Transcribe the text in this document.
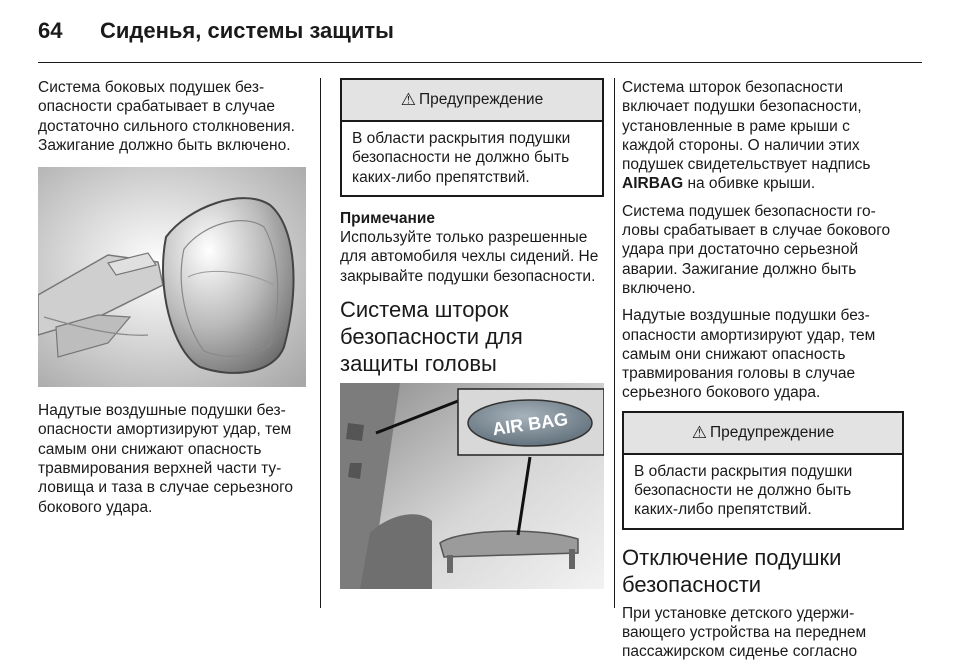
64	Сиденья, системы защиты

Система боковых подушек безопасности срабатывает в случае достаточно сильного столкновения. Зажигание должно быть включено.

Надутые воздушные подушки безопасности амортизируют удар, тем самым они снижают опасность травмирования верхней части туловища и таза в случае серьезного бокового удара.

⚠ Предупреждение
В области раскрытия подушки безопасности не должно быть каких-либо препятствий.
Примечание

Используйте только разрешенные для автомобиля чехлы сидений. Не закрывайте подушки безопасности.

Система шторок безопасности для защиты головы
AIR BAG

Система шторок безопасности включает подушки безопасности, установленные в раме крыши с каждой стороны. О наличии этих подушек свидетельствует надпись AIRBAG на обивке крыши.

Система подушек безопасности головы срабатывает в случае бокового удара при достаточно серьезной аварии. Зажигание должно быть включено.

Надутые воздушные подушки безопасности амортизируют удар, тем самым они снижают опасность травмирования головы в случае серьезного бокового удара.

⚠ Предупреждение
В области раскрытия подушки безопасности не должно быть каких-либо препятствий.
Отключение подушки безопасности

При установке детского удерживающего устройства на переднем пассажирском сиденье согласно
